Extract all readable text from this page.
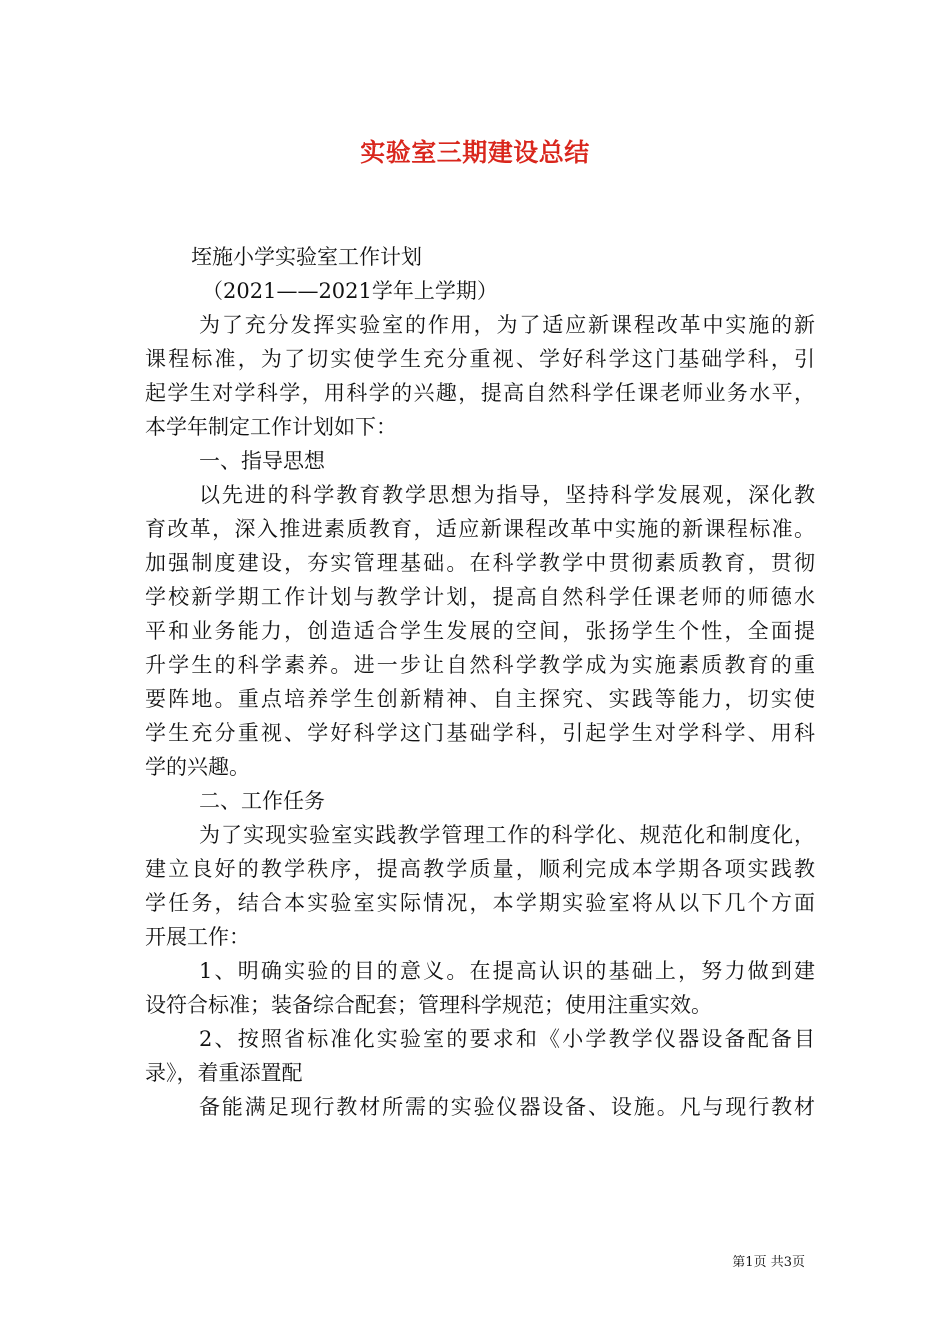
实验室三期建设总结

垤施小学实验室工作计划

（2021——2021学年上学期）

为了充分发挥实验室的作用，为了适应新课程改革中实施的新

课程标准，为了切实使学生充分重视、学好科学这门基础学科，引

起学生对学科学，用科学的兴趣，提高自然科学任课老师业务水平，

本学年制定工作计划如下：

一、指导思想

以先进的科学教育教学思想为指导，坚持科学发展观，深化教

育改革，深入推进素质教育，适应新课程改革中实施的新课程标准。

加强制度建设，夯实管理基础。在科学教学中贯彻素质教育，贯彻

学校新学期工作计划与教学计划，提高自然科学任课老师的师德水

平和业务能力，创造适合学生发展的空间，张扬学生个性，全面提

升学生的科学素养。进一步让自然科学教学成为实施素质教育的重

要阵地。重点培养学生创新精神、自主探究、实践等能力，切实使

学生充分重视、学好科学这门基础学科，引起学生对学科学、用科

学的兴趣。

二、工作任务

为了实现实验室实践教学管理工作的科学化、规范化和制度化，

建立良好的教学秩序，提高教学质量，顺利完成本学期各项实践教

学任务，结合本实验室实际情况，本学期实验室将从以下几个方面

开展工作：

1、明确实验的目的意义。在提高认识的基础上，努力做到建

设符合标准；装备综合配套；管理科学规范；使用注重实效。

2、按照省标准化实验室的要求和《小学教学仪器设备配备目

录》，着重添置配

备能满足现行教材所需的实验仪器设备、设施。凡与现行教材

第1页 共3页
